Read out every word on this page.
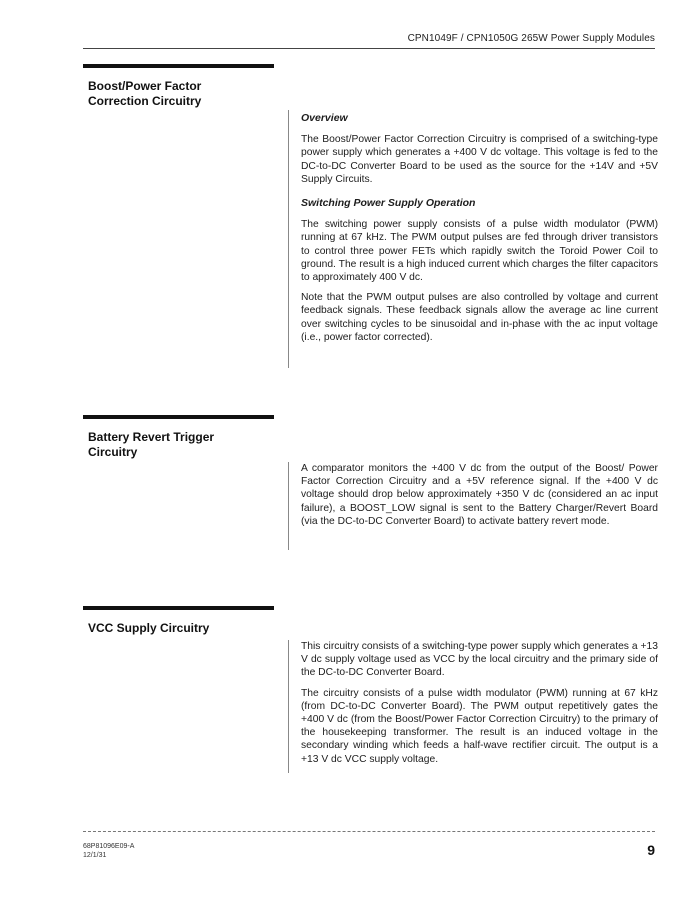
CPN1049F / CPN1050G 265W Power Supply Modules
Boost/Power Factor
Correction Circuitry
Overview

The Boost/Power Factor Correction Circuitry is comprised of a switching-type power supply which generates a +400 V dc voltage. This voltage is fed to the DC-to-DC Converter Board to be used as the source for the +14V and +5V Supply Circuits.

Switching Power Supply Operation

The switching power supply consists of a pulse width modulator (PWM) running at 67 kHz. The PWM output pulses are fed through driver transistors to control three power FETs which rapidly switch the Toroid Power Coil to ground. The result is a high induced current which charges the filter capacitors to approximately 400 V dc.

Note that the PWM output pulses are also controlled by voltage and current feedback signals. These feedback signals allow the average ac line current over switching cycles to be sinusoidal and in-phase with the ac input voltage (i.e., power factor corrected).

Battery Revert Trigger
Circuitry

A comparator monitors the +400 V dc from the output of the Boost/ Power Factor Correction Circuitry and a +5V reference signal. If the +400 V dc voltage should drop below approximately +350 V dc (considered an ac input failure), a BOOST_LOW signal is sent to the Battery Charger/Revert Board (via the DC-to-DC Converter Board) to activate battery revert mode.

VCC Supply Circuitry

This circuitry consists of a switching-type power supply which generates a +13 V dc supply voltage used as VCC by the local circuitry and the primary side of the DC-to-DC Converter Board.

The circuitry consists of a pulse width modulator (PWM) running at 67 kHz (from DC-to-DC Converter Board). The PWM output repetitively gates the +400 V dc (from the Boost/Power Factor Correction Circuitry) to the primary of the housekeeping transformer. The result is an induced voltage in the secondary winding which feeds a half-wave rectifier circuit. The output is a +13 V dc VCC supply voltage.

68P81096E09-A
12/1/31	9
